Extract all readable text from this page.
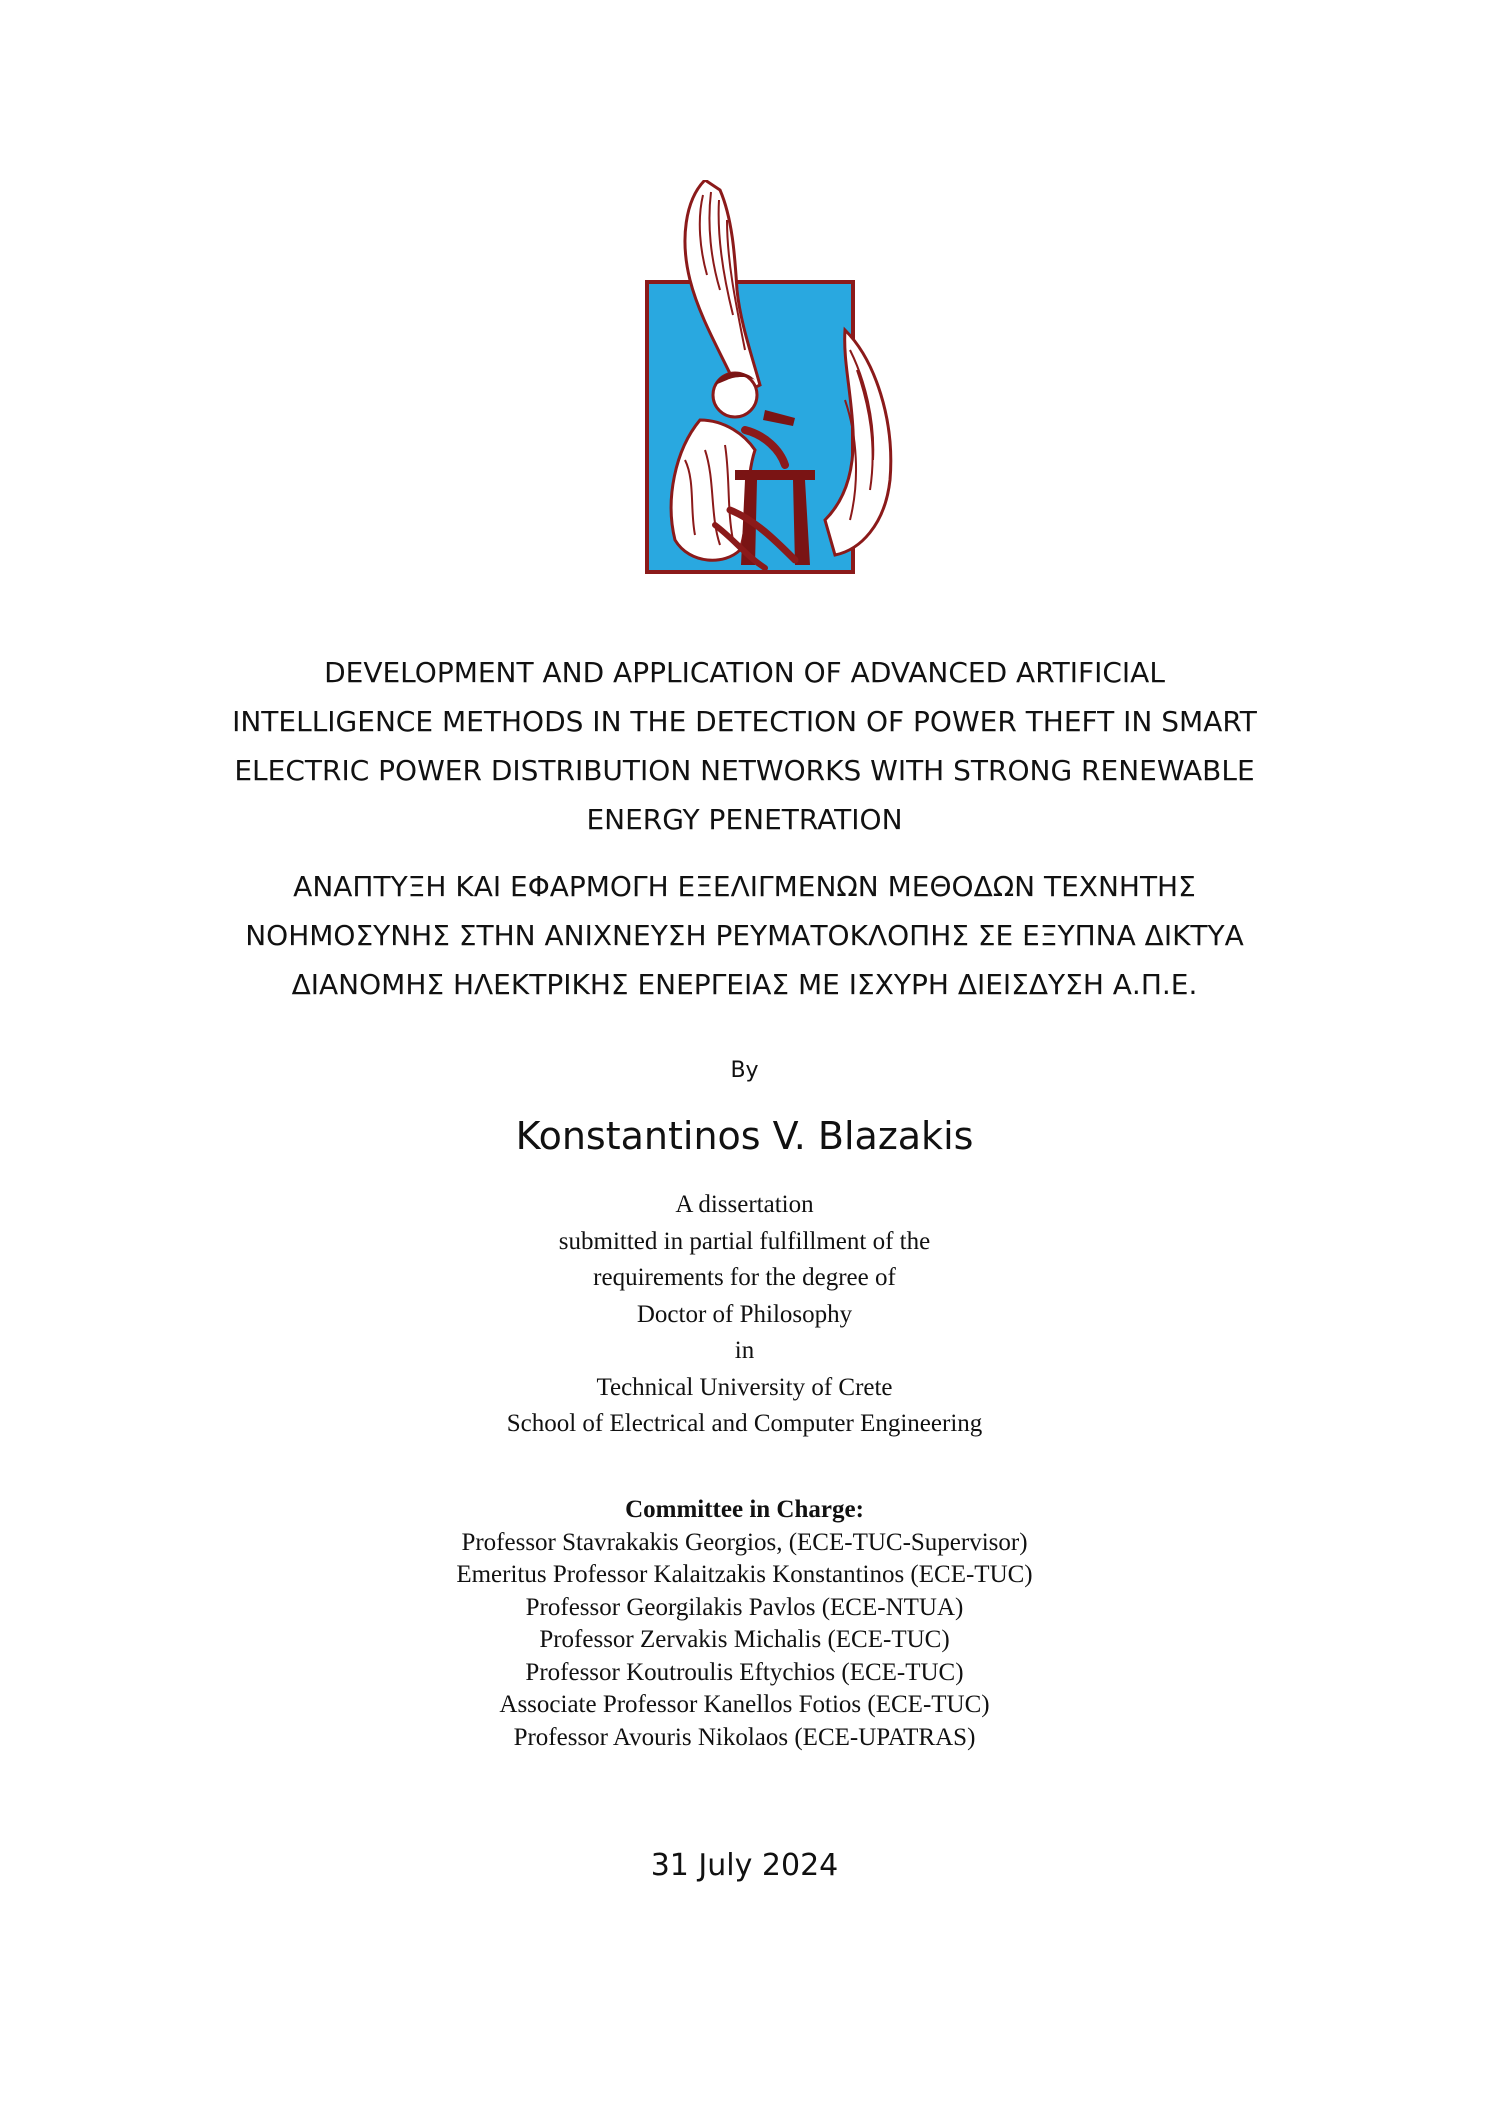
DEVELOPMENT AND APPLICATION OF ADVANCED ARTIFICIAL
INTELLIGENCE METHODS IN THE DETECTION OF POWER THEFT IN SMART
ELECTRIC POWER DISTRIBUTION NETWORKS WITH STRONG RENEWABLE
ENERGY PENETRATION
ΑΝΑΠΤΥΞΗ ΚΑΙ ΕΦΑΡΜΟΓΗ ΕΞΕΛΙΓΜΕΝΩΝ ΜΕΘΟΔΩΝ ΤΕΧΝΗΤΗΣ
ΝΟΗΜΟΣΥΝΗΣ ΣΤΗΝ ΑΝΙΧΝΕΥΣΗ ΡΕΥΜΑΤΟΚΛΟΠΗΣ ΣΕ ΕΞΥΠΝΑ ΔΙΚΤΥΑ
ΔΙΑΝΟΜΗΣ ΗΛΕΚΤΡΙΚΗΣ ΕΝΕΡΓΕΙΑΣ ΜΕ ΙΣΧΥΡΗ ΔΙΕΙΣΔΥΣΗ Α.Π.Ε.
By
Konstantinos V. Blazakis
A dissertation
submitted in partial fulfillment of the
requirements for the degree of
Doctor of Philosophy
in
Technical University of Crete
School of Electrical and Computer Engineering
Committee in Charge:
Professor Stavrakakis Georgios, (ECE-TUC-Supervisor)
Emeritus Professor Kalaitzakis Konstantinos (ECE-TUC)
Professor Georgilakis Pavlos (ECE-NTUA)
Professor Zervakis Michalis (ECE-TUC)
Professor Koutroulis Eftychios (ECE-TUC)
Associate Professor Kanellos Fotios (ECE-TUC)
Professor Avouris Nikolaos (ECE-UPATRAS)
31 July 2024
